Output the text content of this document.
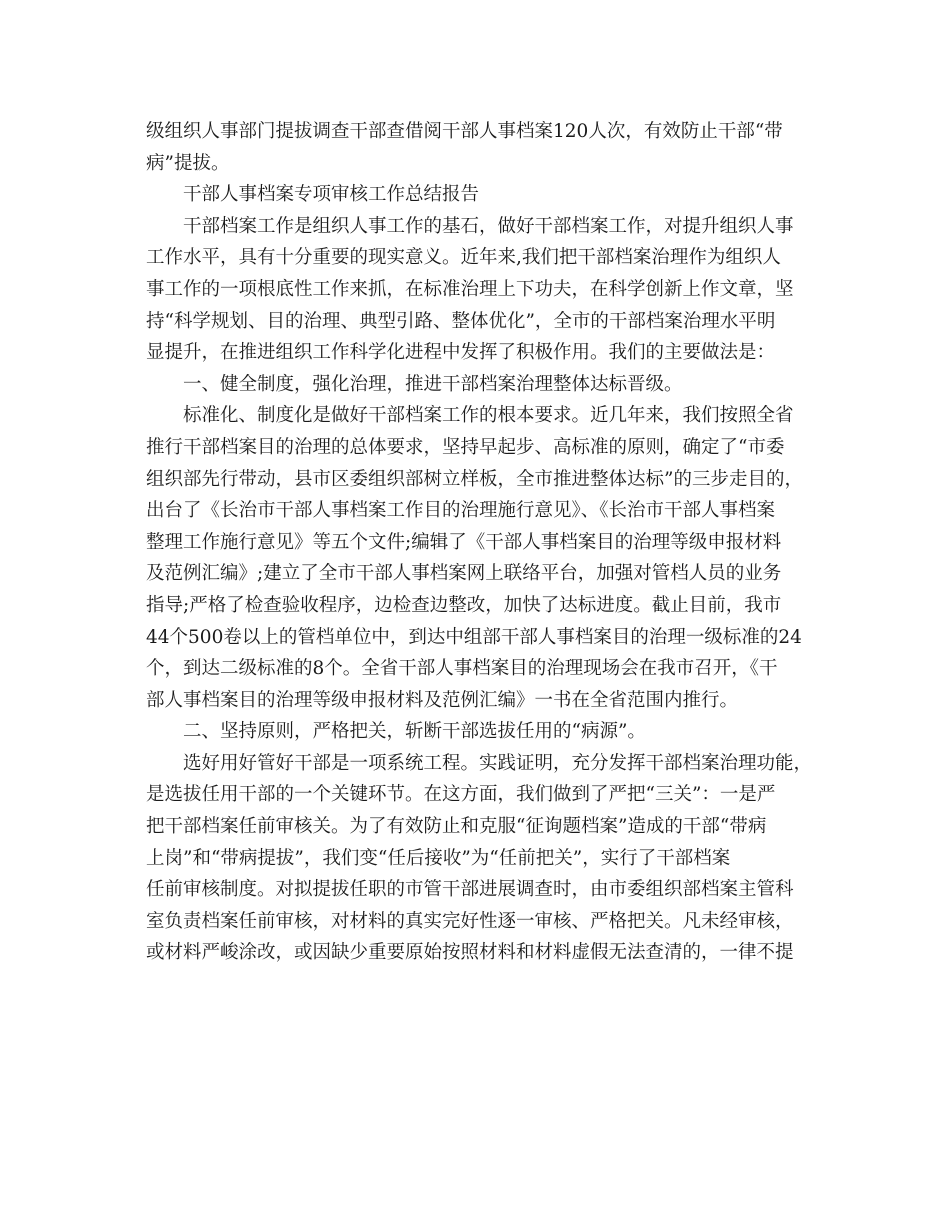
级组织人事部门提拔调查干部查借阅干部人事档案120人次，有效防止干部“带
病”提拔。
干部人事档案专项审核工作总结报告
干部档案工作是组织人事工作的基石，做好干部档案工作，对提升组织人事
工作水平，具有十分重要的现实意义。近年来,我们把干部档案治理作为组织人
事工作的一项根底性工作来抓，在标准治理上下功夫，在科学创新上作文章，坚
持“科学规划、目的治理、典型引路、整体优化”，全市的干部档案治理水平明
显提升，在推进组织工作科学化进程中发挥了积极作用。我们的主要做法是：
一、健全制度，强化治理，推进干部档案治理整体达标晋级。
标准化、制度化是做好干部档案工作的根本要求。近几年来，我们按照全省
推行干部档案目的治理的总体要求，坚持早起步、高标准的原则，确定了“市委
组织部先行带动，县市区委组织部树立样板，全市推进整体达标”的三步走目的，
出台了《长治市干部人事档案工作目的治理施行意见》、《长治市干部人事档案
整理工作施行意见》等五个文件;编辑了《干部人事档案目的治理等级申报材料
及范例汇编》;建立了全市干部人事档案网上联络平台，加强对管档人员的业务
指导;严格了检查验收程序，边检查边整改，加快了达标进度。截止目前，我市
44个500卷以上的管档单位中，到达中组部干部人事档案目的治理一级标准的24
个，到达二级标准的8个。全省干部人事档案目的治理现场会在我市召开，《干
部人事档案目的治理等级申报材料及范例汇编》一书在全省范围内推行。
二、坚持原则，严格把关，斩断干部选拔任用的“病源”。
选好用好管好干部是一项系统工程。实践证明，充分发挥干部档案治理功能，
是选拔任用干部的一个关键环节。在这方面，我们做到了严把“三关”：一是严
把干部档案任前审核关。为了有效防止和克服“征询题档案”造成的干部“带病
上岗”和“带病提拔”，我们变“任后接收”为“任前把关”，实行了干部档案
任前审核制度。对拟提拔任职的市管干部进展调查时，由市委组织部档案主管科
室负责档案任前审核，对材料的真实完好性逐一审核、严格把关。凡未经审核，
或材料严峻涂改，或因缺少重要原始按照材料和材料虚假无法查清的，一律不提
